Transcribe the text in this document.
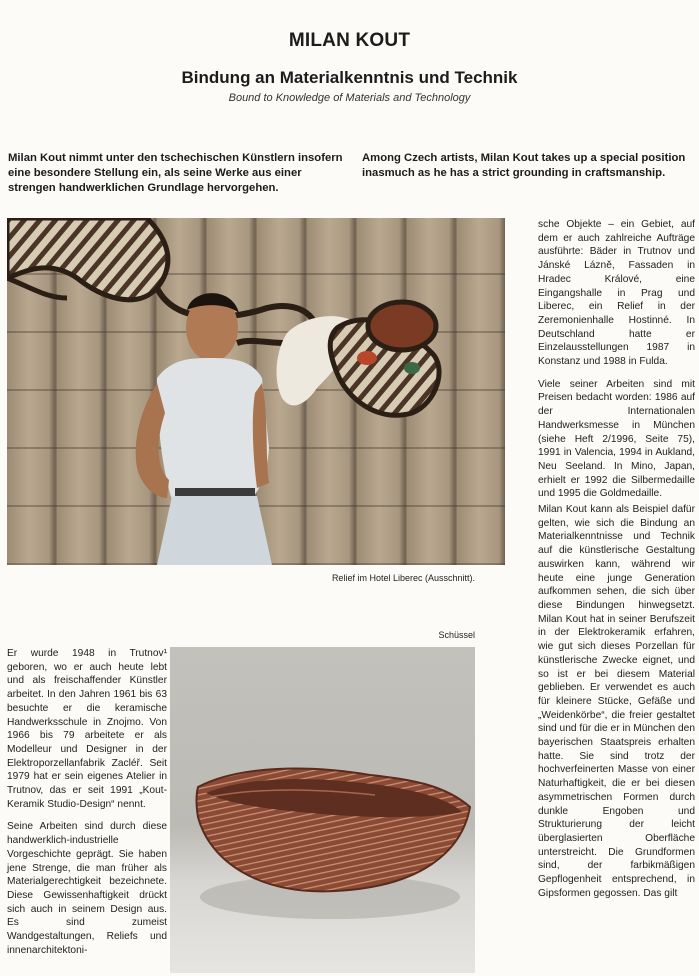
MILAN KOUT
Bindung an Materialkenntnis und Technik
Bound to Knowledge of Materials and Technology
Milan Kout nimmt unter den tschechischen Künstlern insofern eine besondere Stellung ein, als seine Werke aus einer strengen handwerklichen Grundlage hervorgehen.
Among Czech artists, Milan Kout takes up a special position inasmuch as he has a strict grounding in craftsmanship.
Relief im Hotel Liberec (Ausschnitt).
Schüssel

Er wurde 1948 in Trutnov¹ geboren, wo er auch heute lebt und als freischaffender Künstler arbeitet. In den Jahren 1961 bis 63 besuchte er die keramische Handwerksschule in Znojmo. Von 1966 bis 79 arbeitete er als Modelleur und Designer in der Elektroporzellanfabrik Zacléř. Seit 1979 hat er sein eigenes Atelier in Trutnov, das er seit 1991 „Kout-Keramik Studio-Design“ nennt.

Seine Arbeiten sind durch diese handwerklich-industrielle Vorgeschichte geprägt. Sie haben jene Strenge, die man früher als Materialgerechtigkeit bezeichnete. Diese Gewissenhaftigkeit drückt sich auch in seinem Design aus. Es sind zumeist Wandgestaltungen, Reliefs und innenarchitektoni-

sche Objekte – ein Gebiet, auf dem er auch zahlreiche Aufträge ausführte: Bäder in Trutnov und Jánské Lázně, Fassaden in Hradec Králové, eine Eingangshalle in Prag und Liberec, ein Relief in der Zeremonienhalle Hostinné. In Deutschland hatte er Einzelausstellungen 1987 in Konstanz und 1988 in Fulda.

Viele seiner Arbeiten sind mit Preisen bedacht worden: 1986 auf der Internationalen Handwerksmesse in München (siehe Heft 2/1996, Seite 75), 1991 in Valencia, 1994 in Aukland, Neu Seeland. In Mino, Japan, erhielt er 1992 die Silbermedaille und 1995 die Goldmedaille.

Milan Kout kann als Beispiel dafür gelten, wie sich die Bindung an Materialkenntnisse und Technik auf die künstlerische Gestaltung auswirken kann, während wir heute eine junge Generation aufkommen sehen, die sich über diese Bindungen hinwegsetzt. Milan Kout hat in seiner Berufszeit in der Elektrokeramik erfahren, wie gut sich dieses Porzellan für künstlerische Zwecke eignet, und so ist er bei diesem Material geblieben. Er verwendet es auch für kleinere Stücke, Gefäße und „Weidenkörbe“, die freier gestaltet sind und für die er in München den bayerischen Staatspreis erhalten hatte. Sie sind trotz der hochverfeinerten Masse von einer Naturhaftigkeit, die er bei diesen asymmetrischen Formen durch dunkle Engoben und Strukturierung der leicht überglasierten Oberfläche unterstreicht. Die Grundformen sind, der farbikmäßigen Gepflogenheit entsprechend, in Gipsformen gegossen. Das gilt
